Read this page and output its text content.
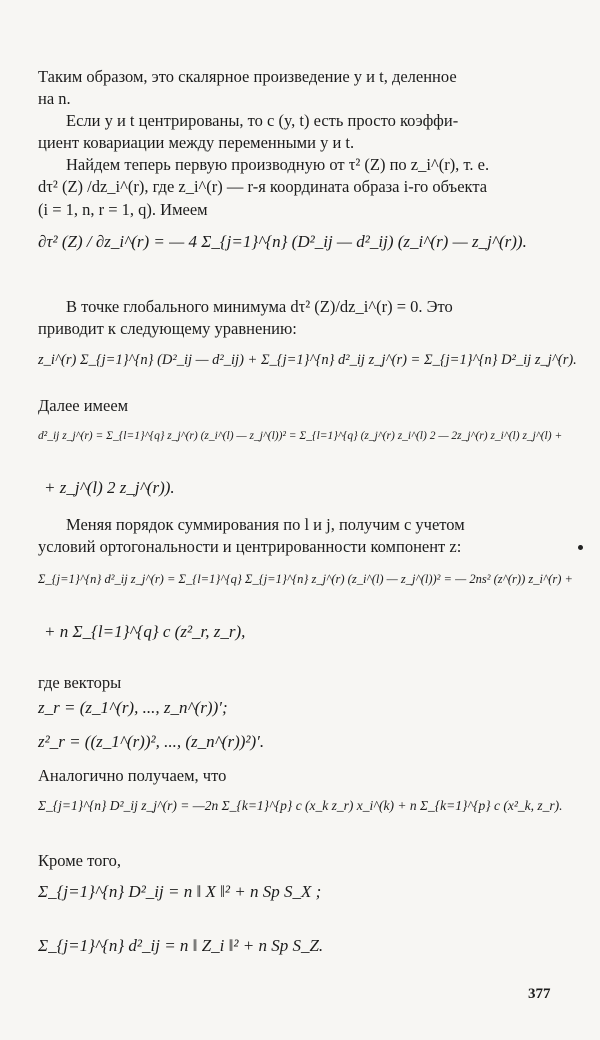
Таким образом, это скалярное произведение y и t, деленное
на n.
Если y и t центрированы, то c (y, t) есть просто коэффи-
циент ковариации между переменными y и t.
Найдем теперь первую производную от τ² (Z) по z_i^(r), т. е.
dτ² (Z) /dz_i^(r), где z_i^(r) — r-я координата образа i-го объекта
(i = 1, n, r = 1, q). Имеем
∂τ² (Z) / ∂z_i^(r) = — 4 Σ_{j=1}^{n} (D²_ij — d²_ij) (z_i^(r) — z_j^(r)).
В точке глобального минимума dτ² (Z)/dz_i^(r) = 0. Это
приводит к следующему уравнению:
z_i^(r) Σ_{j=1}^{n} (D²_ij — d²_ij) + Σ_{j=1}^{n} d²_ij z_j^(r) = Σ_{j=1}^{n} D²_ij z_j^(r).
Далее имеем
d²_ij z_j^(r) = Σ_{l=1}^{q} z_j^(r) (z_i^(l) — z_j^(l))² = Σ_{l=1}^{q} (z_j^(r) z_i^(l) 2 — 2z_j^(r) z_i^(l) z_j^(l) +
+ z_j^(l) 2 z_j^(r)).
Меняя порядок суммирования по l и j, получим с учетом
условий ортогональности и центрированности компонент z:
Σ_{j=1}^{n} d²_ij z_j^(r) = Σ_{l=1}^{q} Σ_{j=1}^{n} z_j^(r) (z_i^(l) — z_j^(l))² = — 2ns² (z^(r)) z_i^(r) +
+ n Σ_{l=1}^{q} c (z²_r, z_r),
где векторы
z_r = (z_1^(r), ..., z_n^(r))′;
z²_r = ((z_1^(r))², ..., (z_n^(r))²)′.
Аналогично получаем, что
Σ_{j=1}^{n} D²_ij z_j^(r) = —2n Σ_{k=1}^{p} c (x_k z_r) x_i^(k) + n Σ_{k=1}^{p} c (x²_k, z_r).
Кроме того,
Σ_{j=1}^{n} D²_ij = n ‖ X ‖² + n Sp S_X ;
Σ_{j=1}^{n} d²_ij = n ‖ Z_i ‖² + n Sp S_Z.
377
